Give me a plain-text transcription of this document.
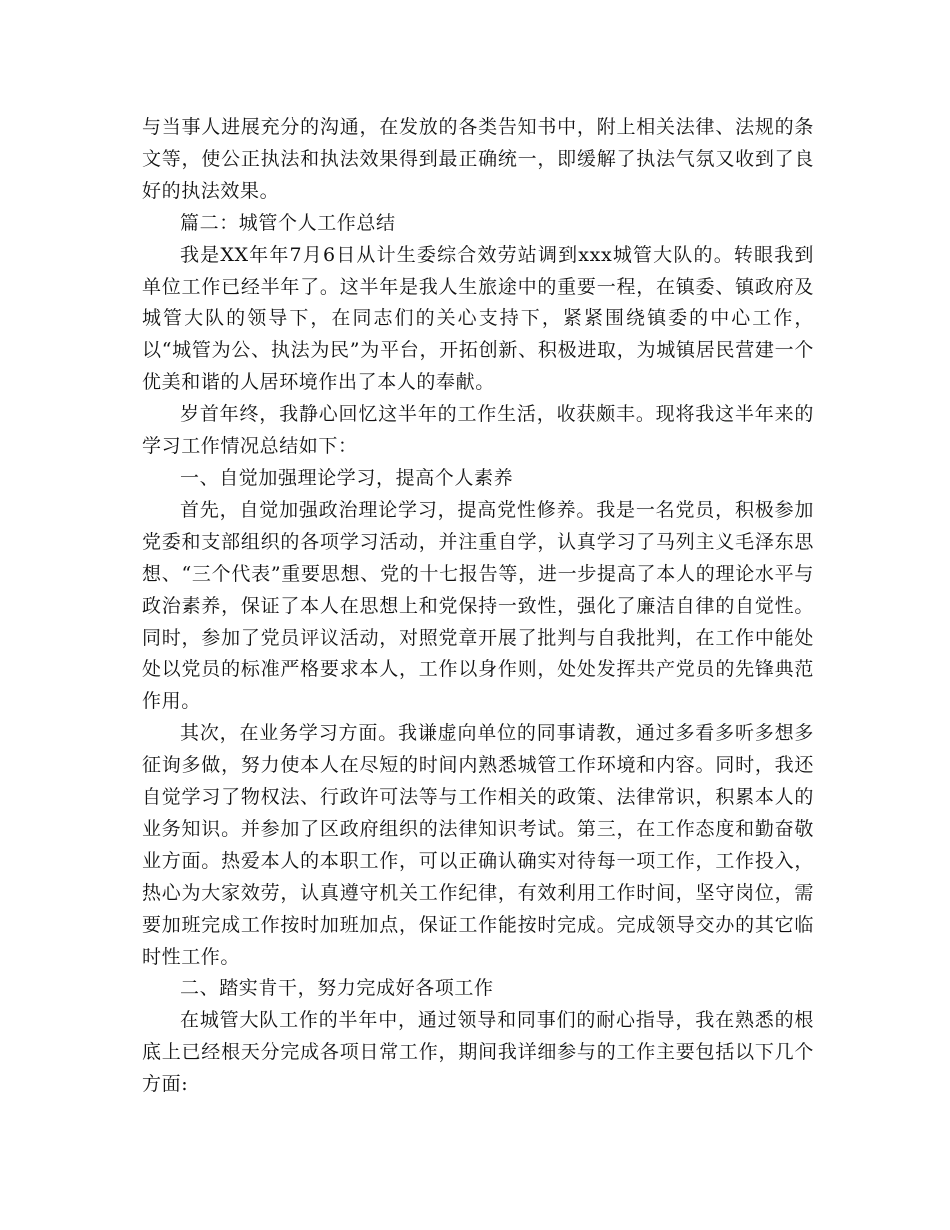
与当事人进展充分的沟通，在发放的各类告知书中，附上相关法律、法规的条文等，使公正执法和执法效果得到最正确统一，即缓解了执法气氛又收到了良好的执法效果。

篇二：城管个人工作总结

我是XX年年7月6日从计生委综合效劳站调到xxx城管大队的。转眼我到单位工作已经半年了。这半年是我人生旅途中的重要一程，在镇委、镇政府及城管大队的领导下，在同志们的关心支持下，紧紧围绕镇委的中心工作，以“城管为公、执法为民”为平台，开拓创新、积极进取，为城镇居民营建一个优美和谐的人居环境作出了本人的奉献。

岁首年终，我静心回忆这半年的工作生活，收获颇丰。现将我这半年来的学习工作情况总结如下：

一、自觉加强理论学习，提高个人素养

首先，自觉加强政治理论学习，提高党性修养。我是一名党员，积极参加党委和支部组织的各项学习活动，并注重自学，认真学习了马列主义毛泽东思想、“三个代表”重要思想、党的十七报告等，进一步提高了本人的理论水平与政治素养，保证了本人在思想上和党保持一致性，强化了廉洁自律的自觉性。同时，参加了党员评议活动，对照党章开展了批判与自我批判，在工作中能处处以党员的标准严格要求本人，工作以身作则，处处发挥共产党员的先锋典范作用。

其次，在业务学习方面。我谦虚向单位的同事请教，通过多看多听多想多征询多做，努力使本人在尽短的时间内熟悉城管工作环境和内容。同时，我还自觉学习了物权法、行政许可法等与工作相关的政策、法律常识，积累本人的业务知识。并参加了区政府组织的法律知识考试。第三，在工作态度和勤奋敬业方面。热爱本人的本职工作，可以正确认确实对待每一项工作，工作投入，热心为大家效劳，认真遵守机关工作纪律，有效利用工作时间，坚守岗位，需要加班完成工作按时加班加点，保证工作能按时完成。完成领导交办的其它临时性工作。

二、踏实肯干，努力完成好各项工作

在城管大队工作的半年中，通过领导和同事们的耐心指导，我在熟悉的根底上已经根天分完成各项日常工作，期间我详细参与的工作主要包括以下几个方面:
